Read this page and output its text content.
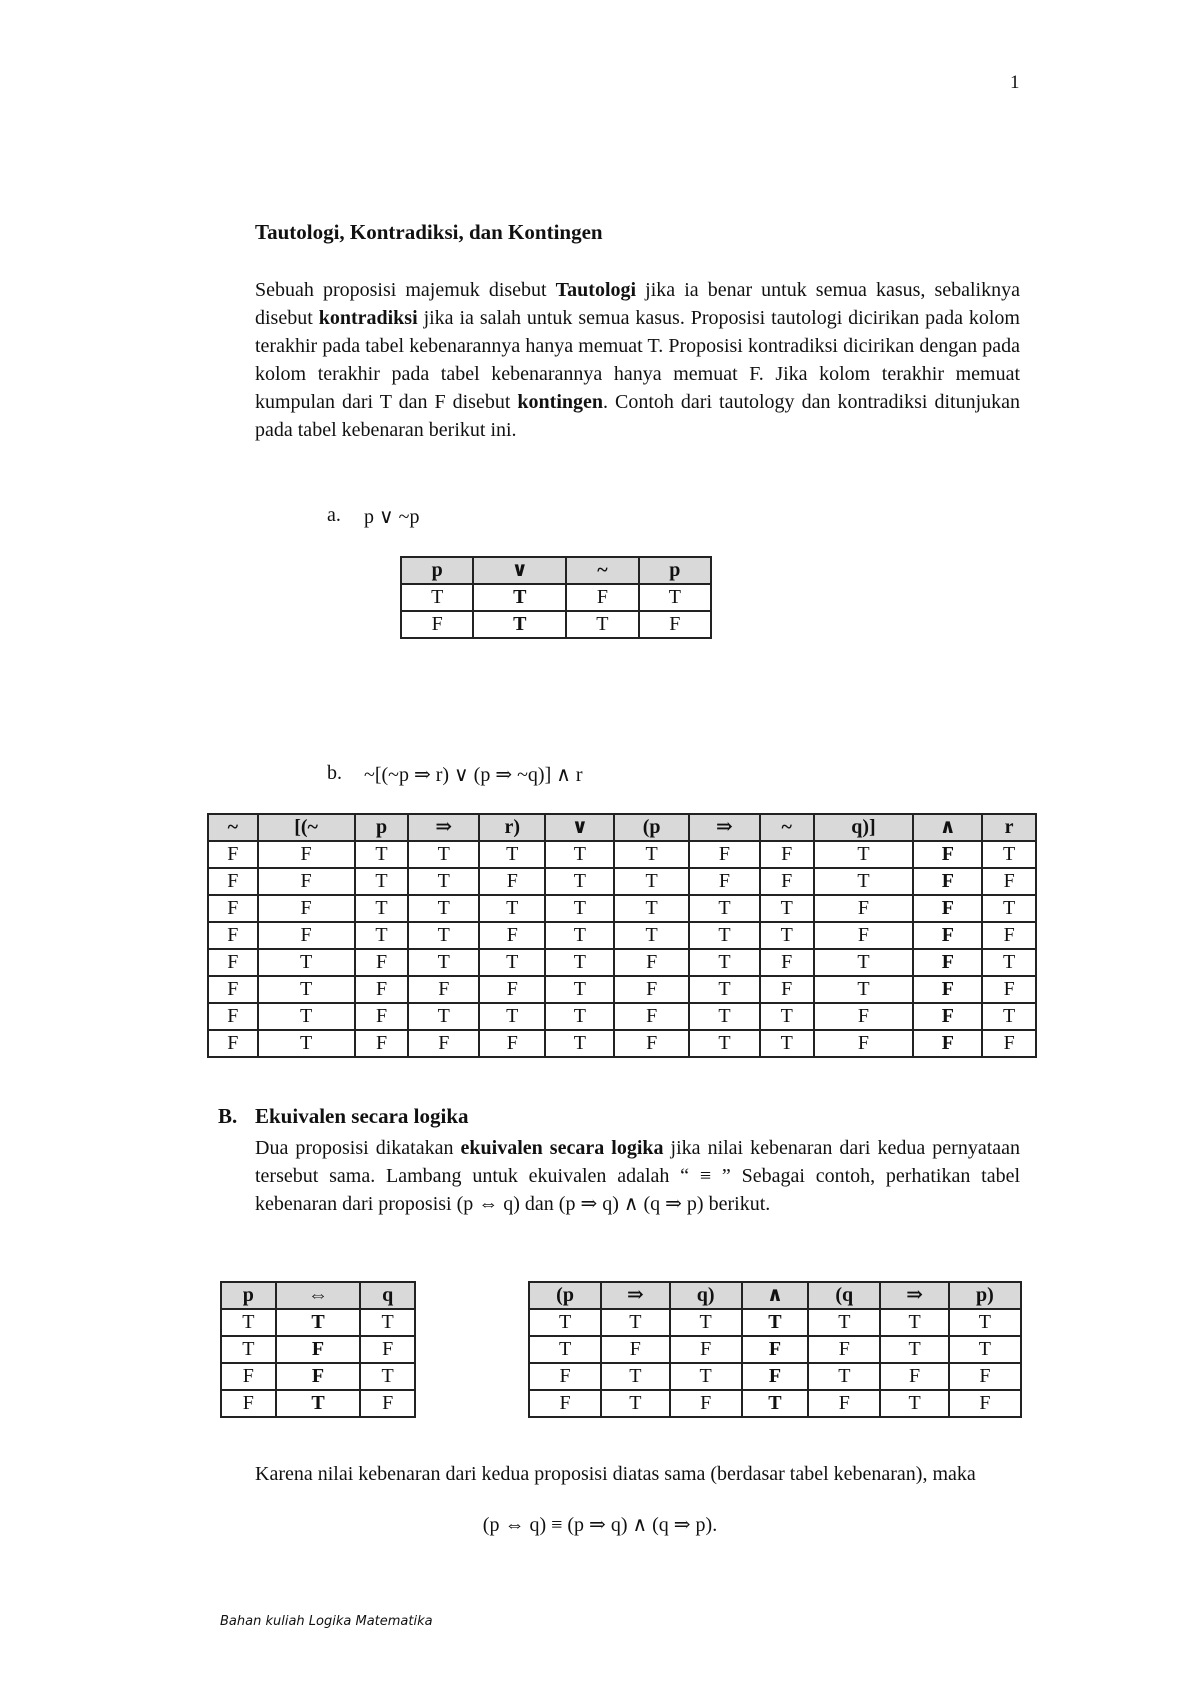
1
Tautologi, Kontradiksi, dan Kontingen

Sebuah proposisi majemuk disebut Tautologi jika ia benar untuk semua kasus, sebaliknya disebut kontradiksi jika ia salah untuk semua kasus. Proposisi tautologi dicirikan pada kolom terakhir pada tabel kebenarannya hanya memuat T. Proposisi kontradiksi dicirikan dengan pada kolom terakhir pada tabel kebenarannya hanya memuat F. Jika kolom terakhir memuat kumpulan dari T dan F disebut kontingen. Contoh dari tautology dan kontradiksi ditunjukan pada tabel kebenaran berikut ini.

a. p ∨ ~p
p	∨	~	p
T	T	F	T
F	T	T	F
b. ~[(~p ⇒ r) ∨ (p ⇒ ~q)] ∧ r
~	[(~	p	⇒	r)	∨	(p	⇒	~	q)]	∧	r
F	F	T	T	T	T	T	F	F	T	F	T
F	F	T	T	F	T	T	F	F	T	F	F
F	F	T	T	T	T	T	T	T	F	F	T
F	F	T	T	F	T	T	T	T	F	F	F
F	T	F	T	T	T	F	T	F	T	F	T
F	T	F	F	F	T	F	T	F	T	F	F
F	T	F	T	T	T	F	T	T	F	F	T
F	T	F	F	F	T	F	T	T	F	F	F
B. Ekuivalen secara logika

Dua proposisi dikatakan ekuivalen secara logika jika nilai kebenaran dari kedua pernyataan tersebut sama. Lambang untuk ekuivalen adalah “ ≡ ” Sebagai contoh, perhatikan tabel kebenaran dari proposisi (p ⇔ q) dan (p ⇒ q) ∧ (q ⇒ p) berikut.

p	⇔	q
T	T	T
T	F	F
F	F	T
F	T	F
(p	⇒	q)	∧	(q	⇒	p)
T	T	T	T	T	T	T
T	F	F	F	F	T	T
F	T	T	F	T	F	F
F	T	F	T	F	T	F

Karena nilai kebenaran dari kedua proposisi diatas sama (berdasar tabel kebenaran), maka

(p ⇔ q) ≡ (p ⇒ q) ∧ (q ⇒ p).
Bahan kuliah Logika Matematika
